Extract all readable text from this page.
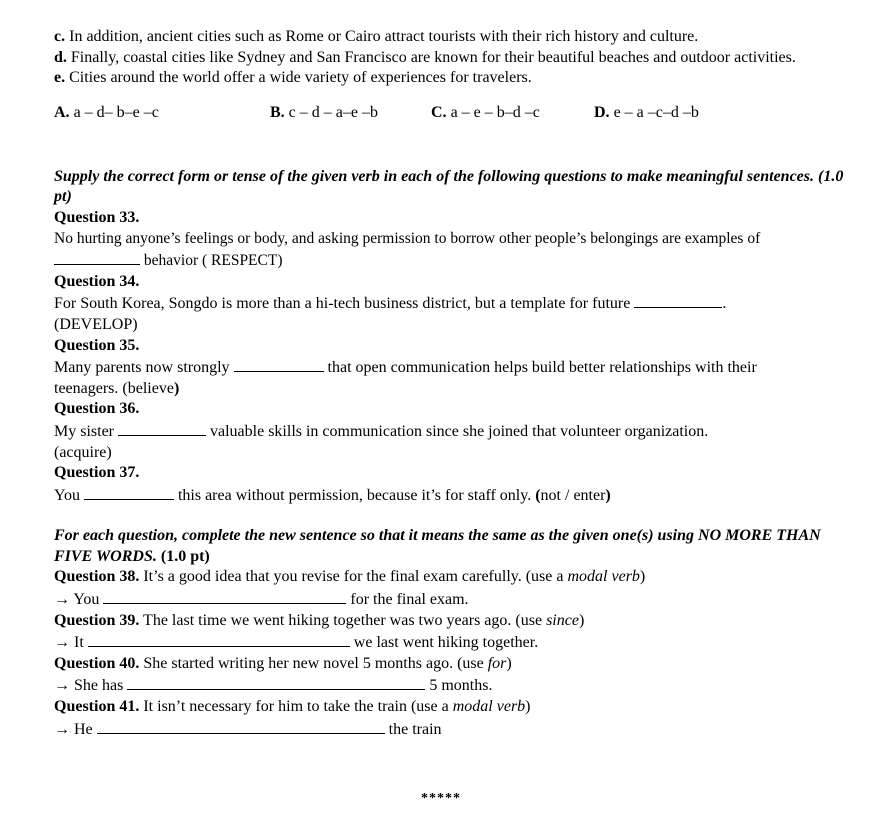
c. In addition, ancient cities such as Rome or Cairo attract tourists with their rich history and culture.

d. Finally, coastal cities like Sydney and San Francisco are known for their beautiful beaches and outdoor activities.

e. Cities around the world offer a wide variety of experiences for travelers.

A. a – d– b–e –c	B. c – d – a–e –b	C. a – e – b–d –c	D. e – a –c–d –b

Supply the correct form or tense of the given verb in each of the following questions to make meaningful sentences. (1.0 pt)

Question 33.

No hurting anyone’s feelings or body, and asking permission to borrow other people’s belongings are examples of
behavior ( RESPECT)

Question 34.

For South Korea, Songdo is more than a hi-tech business district, but a template for future	.
(DEVELOP)

Question 35.

Many parents now strongly	that open communication helps build better relationships with their
teenagers. (believe)

Question 36.

My sister	valuable skills in communication since she joined that volunteer organization.
(acquire)

Question 37.

You	this area without permission, because it’s for staff only. (not / enter)

For each question, complete the new sentence so that it means the same as the given one(s) using NO MORE THAN FIVE WORDS. (1.0 pt)

Question 38. It’s a good idea that you revise for the final exam carefully. (use a modal verb)

→ You	for the final exam.

Question 39. The last time we went hiking together was two years ago. (use since)

→ It	we last went hiking together.

Question 40. She started writing her new novel 5 months ago. (use for)

→ She has	5 months.

Question 41. It isn’t necessary for him to take the train (use a modal verb)

→ He	the train

*****
